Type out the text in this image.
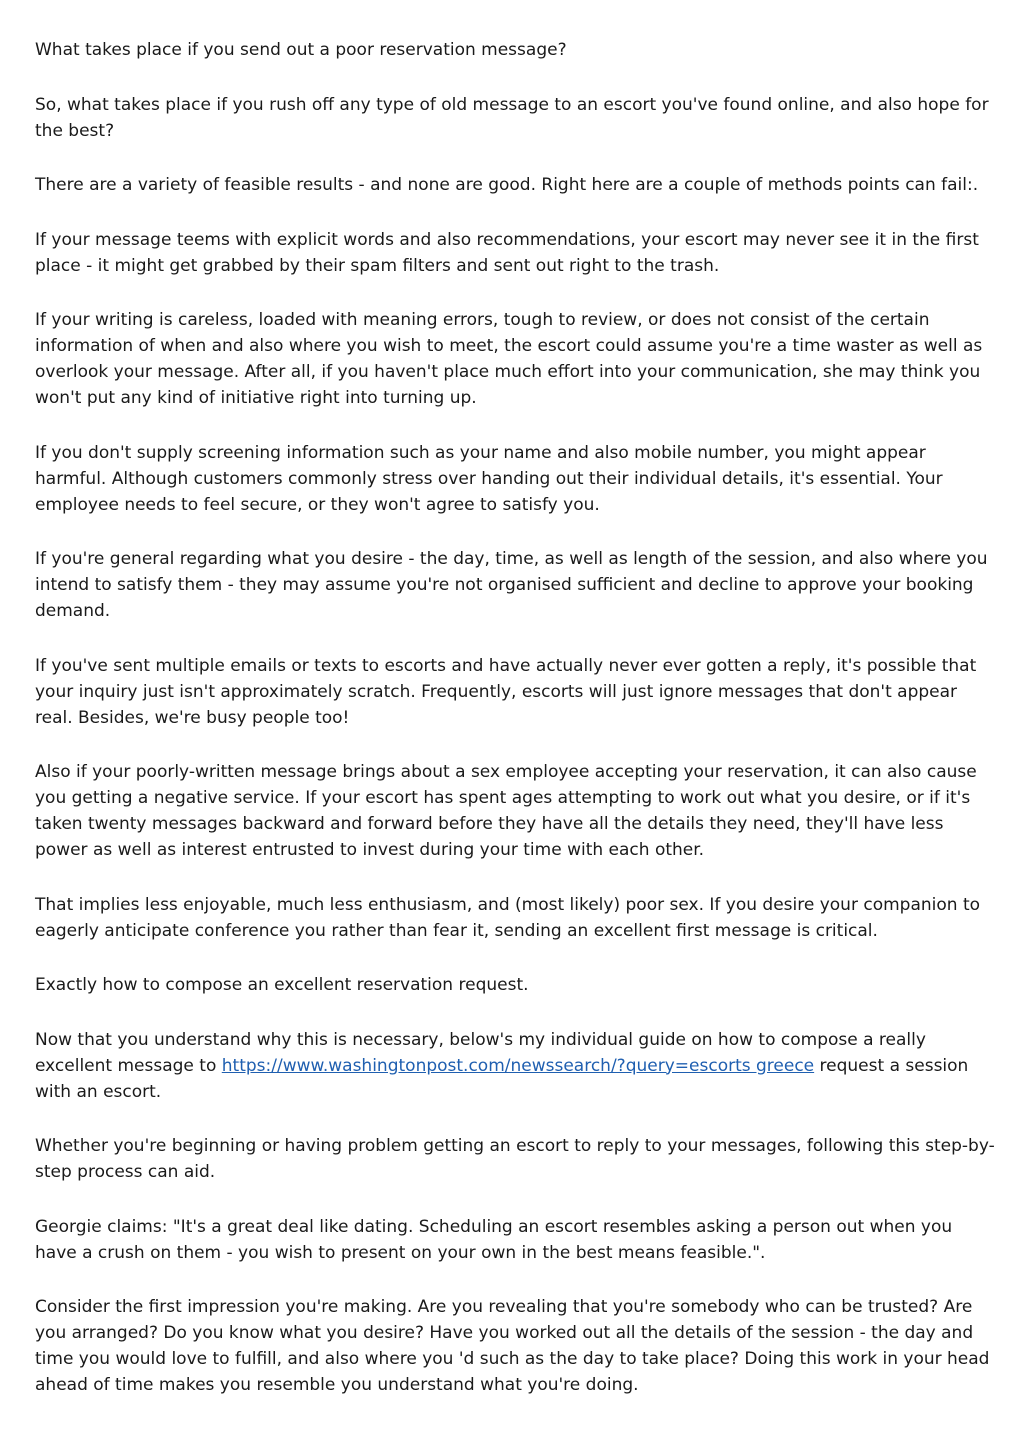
What takes place if you send out a poor reservation message?

So, what takes place if you rush off any type of old message to an escort you've found online, and also hope for the best?

There are a variety of feasible results - and none are good. Right here are a couple of methods points can fail:.

If your message teems with explicit words and also recommendations, your escort may never see it in the first place - it might get grabbed by their spam filters and sent out right to the trash.

If your writing is careless, loaded with meaning errors, tough to review, or does not consist of the certain information of when and also where you wish to meet, the escort could assume you're a time waster as well as overlook your message. After all, if you haven't place much effort into your communication, she may think you won't put any kind of initiative right into turning up.

If you don't supply screening information such as your name and also mobile number, you might appear harmful. Although customers commonly stress over handing out their individual details, it's essential. Your employee needs to feel secure, or they won't agree to satisfy you.

If you're general regarding what you desire - the day, time, as well as length of the session, and also where you intend to satisfy them - they may assume you're not organised sufficient and decline to approve your booking demand.

If you've sent multiple emails or texts to escorts and have actually never ever gotten a reply, it's possible that your inquiry just isn't approximately scratch. Frequently, escorts will just ignore messages that don't appear real. Besides, we're busy people too!

Also if your poorly-written message brings about a sex employee accepting your reservation, it can also cause you getting a negative service. If your escort has spent ages attempting to work out what you desire, or if it's taken twenty messages backward and forward before they have all the details they need, they'll have less power as well as interest entrusted to invest during your time with each other.

That implies less enjoyable, much less enthusiasm, and (most likely) poor sex. If you desire your companion to eagerly anticipate conference you rather than fear it, sending an excellent first message is critical.

Exactly how to compose an excellent reservation request.

Now that you understand why this is necessary, below's my individual guide on how to compose a really excellent message to https://www.washingtonpost.com/newssearch/?query=escorts greece request a session with an escort.

Whether you're beginning or having problem getting an escort to reply to your messages, following this step-by-step process can aid.

Georgie claims: "It's a great deal like dating. Scheduling an escort resembles asking a person out when you have a crush on them - you wish to present on your own in the best means feasible.".

Consider the first impression you're making. Are you revealing that you're somebody who can be trusted? Are you arranged? Do you know what you desire? Have you worked out all the details of the session - the day and time you would love to fulfill, and also where you 'd such as the day to take place? Doing this work in your head ahead of time makes you resemble you understand what you're doing.
